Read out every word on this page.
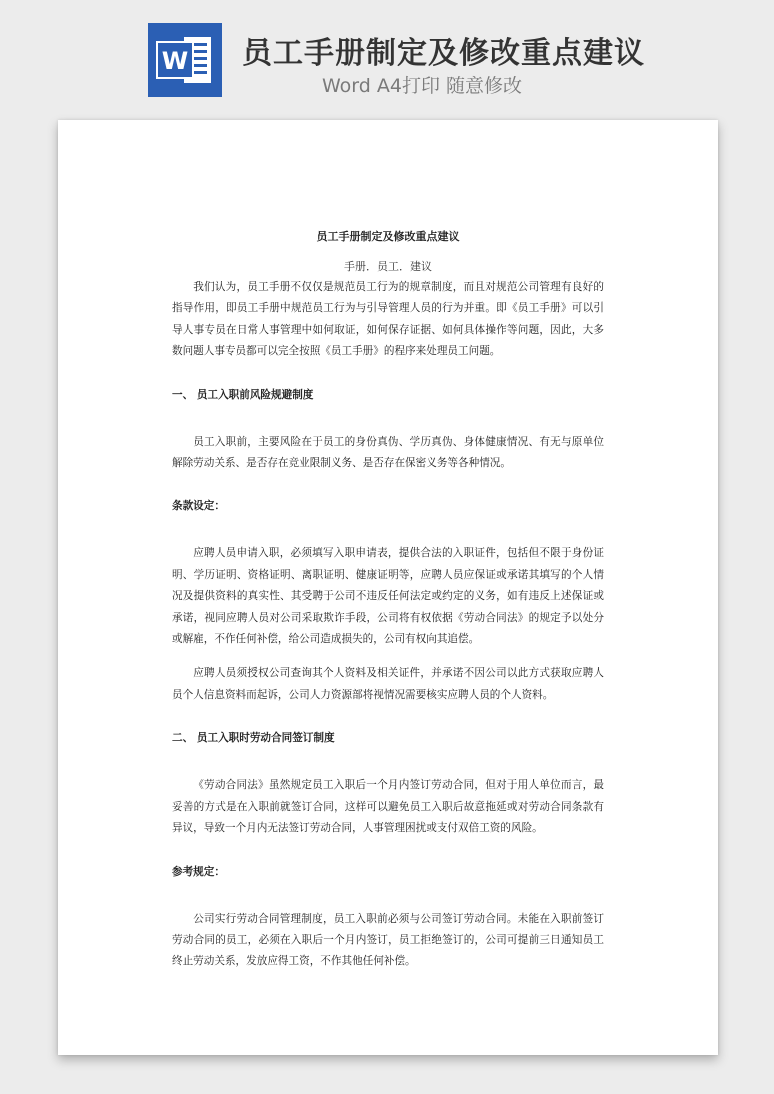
W 员工手册制定及修改重点建议
Word A4打印 随意修改
员工手册制定及修改重点建议
手册．员工．建议

我们认为，员工手册不仅仅是规范员工行为的规章制度，而且对规范公司管理有良好的指导作用，即员工手册中规范员工行为与引导管理人员的行为并重。即《员工手册》可以引导人事专员在日常人事管理中如何取证，如何保存证据、如何具体操作等问题，因此，大多数问题人事专员都可以完全按照《员工手册》的程序来处理员工问题。

一、 员工入职前风险规避制度

员工入职前，主要风险在于员工的身份真伪、学历真伪、身体健康情况、有无与原单位解除劳动关系、是否存在竞业限制义务、是否存在保密义务等各种情况。

条款设定：

应聘人员申请入职，必须填写入职申请表，提供合法的入职证件，包括但不限于身份证明、学历证明、资格证明、离职证明、健康证明等，应聘人员应保证或承诺其填写的个人情况及提供资料的真实性、其受聘于公司不违反任何法定或约定的义务，如有违反上述保证或承诺，视同应聘人员对公司采取欺诈手段，公司将有权依据《劳动合同法》的规定予以处分或解雇，不作任何补偿，给公司造成损失的，公司有权向其追偿。

应聘人员须授权公司查询其个人资料及相关证件，并承诺不因公司以此方式获取应聘人员个人信息资料而起诉，公司人力资源部将视情况需要核实应聘人员的个人资料。

二、 员工入职时劳动合同签订制度

《劳动合同法》虽然规定员工入职后一个月内签订劳动合同，但对于用人单位而言，最妥善的方式是在入职前就签订合同，这样可以避免员工入职后故意拖延或对劳动合同条款有异议，导致一个月内无法签订劳动合同，人事管理困扰或支付双倍工资的风险。

参考规定：

公司实行劳动合同管理制度，员工入职前必须与公司签订劳动合同。未能在入职前签订劳动合同的员工，必须在入职后一个月内签订，员工拒绝签订的，公司可提前三日通知员工终止劳动关系，发放应得工资，不作其他任何补偿。
